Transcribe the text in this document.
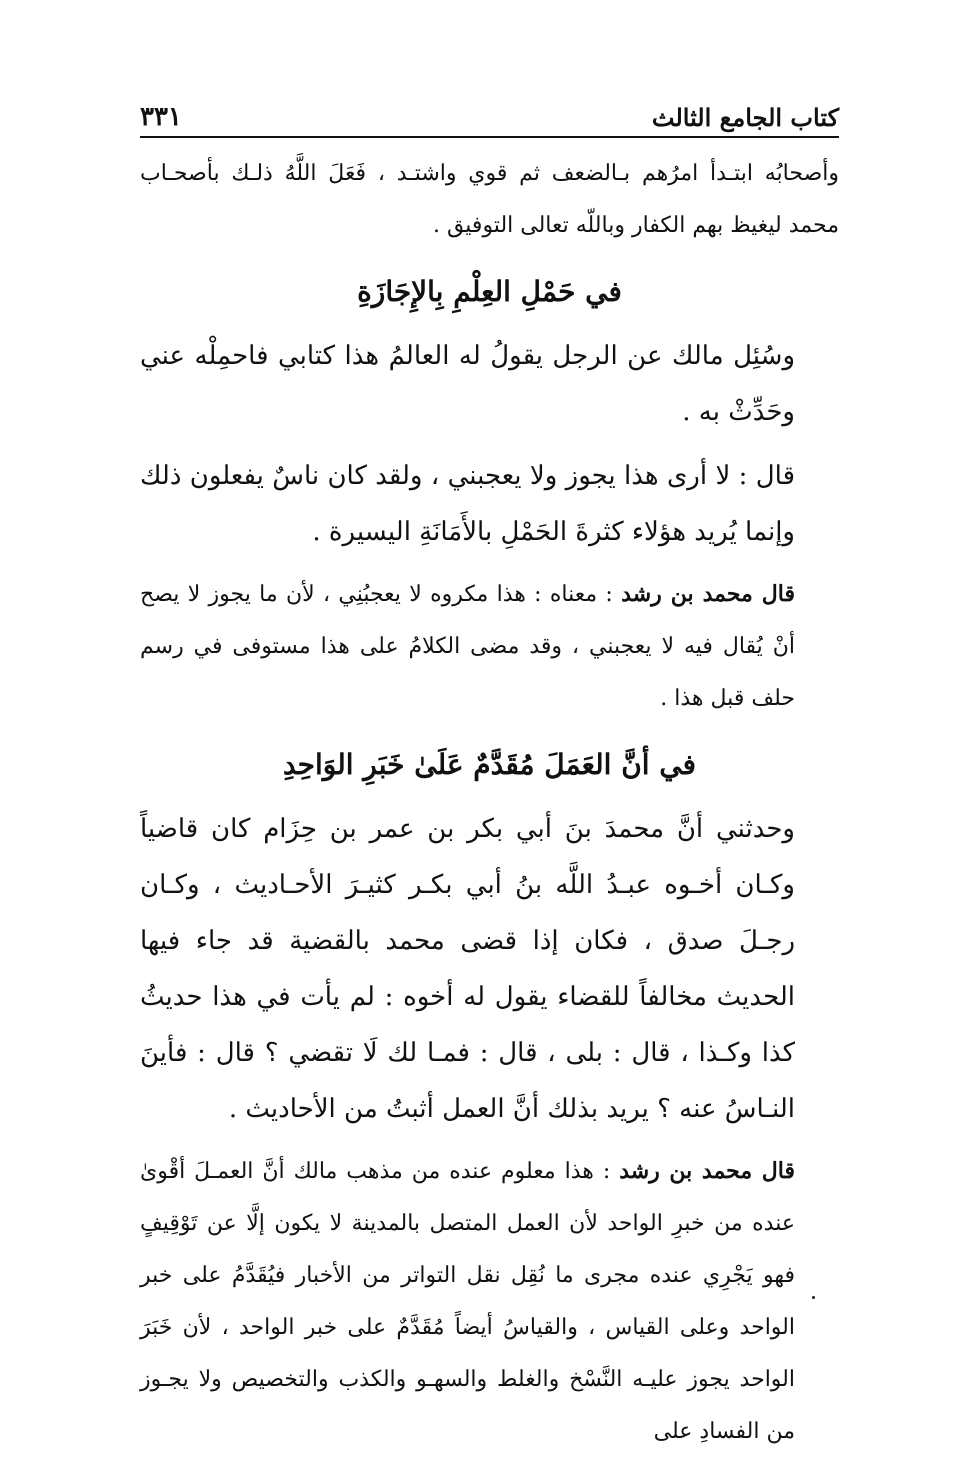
كتاب الجامع الثالث
٣٣١

وأصحابُه ابتـدأ امرُهم بـالضعف ثم قوي واشتـد ، فَعَلَ اللَّهُ ذلـك بأصحـاب محمد ليغيظ بهم الكفار وباللّه تعالى التوفيق .

في حَمْلِ العِلْمِ بِالإِجَازَةِ

وسُئِل مالك عن الرجل يقولُ له العالمُ هذا كتابي فاحمِلْه عني وحَدِّثْ به .

قال : لا أرى هذا يجوز ولا يعجبني ، ولقد كان ناسٌ يفعلون ذلك وإنما يُريد هؤلاء كثرةَ الحَمْلِ بالأَمَانَةِ اليسيرة .

قال محمد بن رشد : معناه : هذا مكروه لا يعجبُنِي ، لأن ما يجوز لا يصح أنْ يُقال فيه لا يعجبني ، وقد مضى الكلامُ على هذا مستوفى في رسم حلف قبل هذا .

في أنَّ العَمَلَ مُقَدَّمٌ عَلَىٰ خَبَرِ الوَاحِدِ

وحدثني أنَّ محمدَ بنَ أبي بكر بن عمر بن حِزَام كان قاضياً وكـان أخـوه عبـدُ اللَّه بنُ أبي بكـر كثيـرَ الأحـاديث ، وكـان رجـلَ صدق ، فكان إذا قضى محمد بالقضية قد جاء فيها الحديث مخالفاً للقضاء يقول له أخوه : لم يأت في هذا حديثُ كذا وكـذا ، قال : بلى ، قال : فمـا لك لَا تقضي ؟ قال : فأينَ النـاسُ عنه ؟ يريد بذلك أنَّ العمل أثبتُ من الأحاديث .

قال محمد بن رشد : هذا معلوم عنده من مذهب مالك أنَّ العمـلَ أقْوىٰ عنده من خبرِ الواحد لأن العمل المتصل بالمدينة لا يكون إلَّا عن تَوْقِيفٍ فهو يَجْرِي عنده مجرى ما نُقِل نقل التواتر من الأخبار فيُقَدَّمُ على خبر الواحد وعلى القياس ، والقياسُ أيضاً مُقَدَّمٌ على خبر الواحد ، لأن خَبَرَ الواحد يجوز عليـه النَّسْخ والغلط والسهـو والكذب والتخصيص ولا يجـوز من الفسادِ على
